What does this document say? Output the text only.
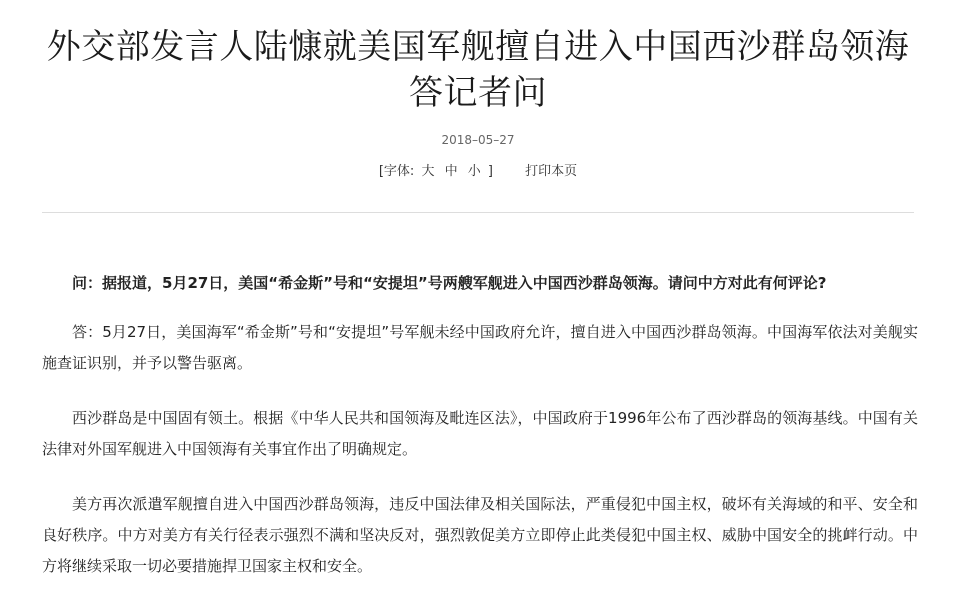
外交部发言人陆慷就美国军舰擅自进入中国西沙群岛领海答记者问
2018–05–27
[字体: 大 中 小 ] 打印本页

问：据报道，5月27日，美国“希金斯”号和“安提坦”号两艘军舰进入中国西沙群岛领海。请问中方对此有何评论?

答：5月27日，美国海军“希金斯”号和“安提坦”号军舰未经中国政府允许，擅自进入中国西沙群岛领海。中国海军依法对美舰实施查证识别，并予以警告驱离。

西沙群岛是中国固有领土。根据《中华人民共和国领海及毗连区法》，中国政府于1996年公布了西沙群岛的领海基线。中国有关法律对外国军舰进入中国领海有关事宜作出了明确规定。

美方再次派遣军舰擅自进入中国西沙群岛领海，违反中国法律及相关国际法，严重侵犯中国主权，破坏有关海域的和平、安全和良好秩序。中方对美方有关行径表示强烈不满和坚决反对，强烈敦促美方立即停止此类侵犯中国主权、威胁中国安全的挑衅行动。中方将继续采取一切必要措施捍卫国家主权和安全。
